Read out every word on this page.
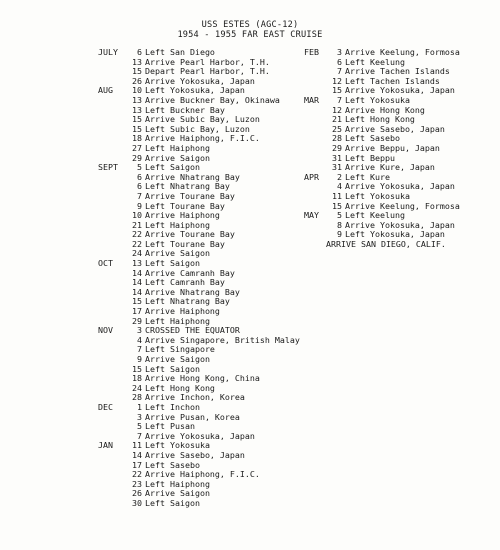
USS ESTES (AGC-12)
1954 - 1955 FAR EAST CRUISE
JULY	6 Left San Diego
13 Arrive Pearl Harbor, T.H.
15 Depart Pearl Harbor, T.H.
26 Arrive Yokosuka, Japan
AUG	10 Left Yokosuka, Japan
13 Arrive Buckner Bay, Okinawa
13 Left Buckner Bay
15 Arrive Subic Bay, Luzon
15 Left Subic Bay, Luzon
18 Arrive Haiphong, F.I.C.
27 Left Haiphong
29 Arrive Saigon
SEPT	5 Left Saigon
6 Arrive Nhatrang Bay
6 Left Nhatrang Bay
7 Arrive Tourane Bay
9 Left Tourane Bay
10 Arrive Haiphong
21 Left Haiphong
22 Arrive Tourane Bay
22 Left Tourane Bay
24 Arrive Saigon
OCT	13 Left Saigon
14 Arrive Camranh Bay
14 Left Camranh Bay
14 Arrive Nhatrang Bay
15 Left Nhatrang Bay
17 Arrive Haiphong
29 Left Haiphong
NOV	3 CROSSED THE EQUATOR
4 Arrive Singapore, British Malay
7 Left Singapore
9 Arrive Saigon
15 Left Saigon
18 Arrive Hong Kong, China
24 Left Hong Kong
28 Arrive Inchon, Korea
DEC	1 Left Inchon
3 Arrive Pusan, Korea
5 Left Pusan
7 Arrive Yokosuka, Japan
JAN	11 Left Yokosuka
14 Arrive Sasebo, Japan
17 Left Sasebo
22 Arrive Haiphong, F.I.C.
23 Left Haiphong
26 Arrive Saigon
30 Left Saigon
FEB	3 Arrive Keelung, Formosa
6 Left Keelung
7 Arrive Tachen Islands
12 Left Tachen Islands
15 Arrive Yokosuka, Japan
MAR	7 Left Yokosuka
12 Arrive Hong Kong
21 Left Hong Kong
25 Arrive Sasebo, Japan
28 Left Sasebo
29 Arrive Beppu, Japan
31 Left Beppu
31 Arrive Kure, Japan
APR	2 Left Kure
4 Arrive Yokosuka, Japan
11 Left Yokosuka
15 Arrive Keelung, Formosa
MAY	5 Left Keelung
8 Arrive Yokosuka, Japan
9 Left Yokosuka, Japan
ARRIVE SAN DIEGO, CALIF.
